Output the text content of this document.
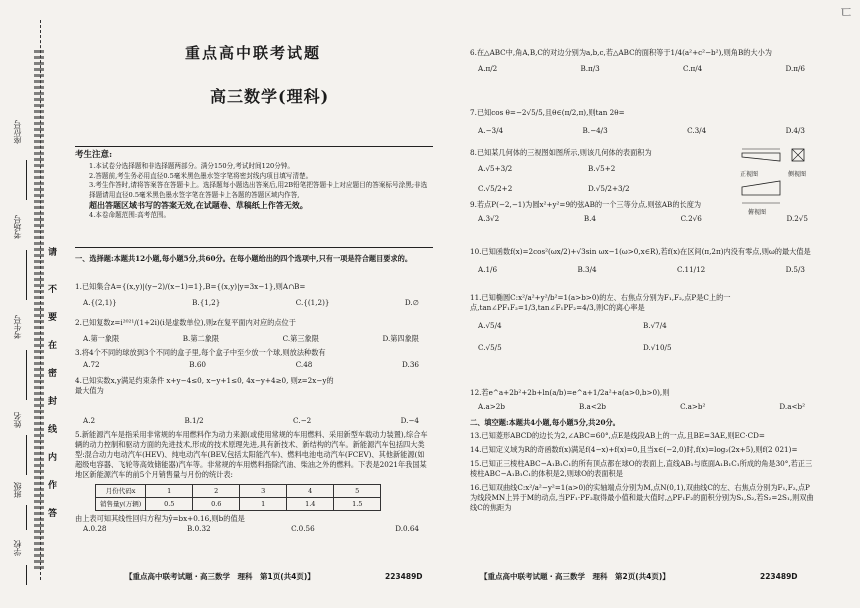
ㄷ
座位号
考场号
考生号
姓名
班级
学校
请
不
要
在
密
封
线
内
作
答
重点高中联考试题
高三数学(理科)
考生注意:
1.本试卷分选择题和非选择题两部分。满分150分,考试时间120分钟。
2.答题前,考生务必用直径0.5毫米黑色墨水签字笔将密封线内项目填写清楚。
3.考生作答时,请将答案答在答题卡上。选择题每小题选出答案后,用2B铅笔把答题卡上对应题目的答案标号涂黑;非选择题请用直径0.5毫米黑色墨水签字笔在答题卡上各题的答题区域内作答,
超出答题区域书写的答案无效,在试题卷、草稿纸上作答无效。
4.本卷命题范围:高考范围。
一、选择题:本题共12小题,每小题5分,共60分。在每小题给出的四个选项中,只有一项是符合题目要求的。
1.已知集合A={(x,y)|(y−2)/(x−1)=1},B={(x,y)|y=3x−1},则A∩B=
A.{(2,1)}	B.{1,2}	C.{(1,2)}	D.∅
2.已知复数z=i²⁰²¹/(1+2i)(i是虚数单位),则z在复平面内对应的点位于
A.第一象限	B.第二象限	C.第三象限	D.第四象限
3.将4个不同的球放到3个不同的盒子里,每个盒子中至少放一个球,则放法种数有
A.72	B.60	C.48	D.36
4.已知实数x,y满足约束条件 x+y−4≤0, x−y+1≤0, 4x−y+4≥0, 则z=2x−y的最大值为
A.2	B.1/2	C.−2	D.−4
5.新能源汽车是指采用非常规的车用燃料作为动力来源(或使用常规的车用燃料、采用新型车载动力装置),综合车辆的动力控制和驱动方面的先进技术,形成的技术原理先进,具有新技术、新结构的汽车。新能源汽车包括四大类型:混合动力电动汽车(HEV)、纯电动汽车(BEV,包括太阳能汽车)、燃料电池电动汽车(FCEV)、其他新能源(如超级电容器、飞轮等高效储能器)汽车等。非常规的车用燃料指除汽油、柴油之外的燃料。下表是2021年我国某地区新能源汽车的前5个月销售量与月份的统计表:
月份代码x	1	2	3	4	5
销售量y(万辆)	0.5	0.6	1	1.4	1.5
由上表可知其线性回归方程为ŷ=bx+0.16,则b的值是
A.0.28	B.0.32	C.0.56	D.0.64
【重点高中联考试题・高三数学　理科　第1页(共4页)】	223489D
6.在△ABC中,角A,B,C的对边分别为a,b,c,若△ABC的面积等于1/4(a²+c²−b²),则角B的大小为
A.π/2	B.π/3	C.π/4	D.π/6
7.已知cos θ=−2√5/5,且θ∈(π/2,π),则tan 2θ=
A.−3/4	B.−4/3	C.3/4	D.4/3
8.已知某几何体的三视图如图所示,则该几何体的表面积为
A.√5+3/2	B.√5+2
C.√5/2+2	D.√5/2+3/2
正视图	侧视图
俯视图
9.若点P(−2,−1)为圆x²+y²=9的弦AB的一个三等分点,则弦AB的长度为
A.3√2	B.4	C.2√6	D.2√5
10.已知函数f(x)=2cos²(ωx/2)+√3sin ωx−1(ω>0,x∈R),若f(x)在区间(π,2π)内没有零点,则ω的最大值是
A.1/6	B.3/4	C.11/12	D.5/3
11.已知椭圆C:x²/a²+y²/b²=1(a>b>0)的左、右焦点分别为F₁,F₂,点P是C上的一点,tan∠PF₁F₂=1/3,tan∠F₁PF₂=4/3,则C的离心率是
A.√5/4	B.√7/4
C.√5/5	D.√10/5
12.若e^a+2b²+2b+ln(a/b)=e^a+1/2a²+a(a>0,b>0),则
A.a>2b	B.a<2b	C.a>b²	D.a<b²
二、填空题:本题共4小题,每小题5分,共20分。
13.已知菱形ABCD的边长为2,∠ABC=60°,点E是线段AB上的一点,且BE=3AE,则EC·CD=
14.已知定义域为R的奇函数f(x)满足f(4−x)+f(x)=0,且当x∈(−2,0)时,f(x)=log₂(2x+5),则f(2 021)=
15.已知正三棱柱ABC−A₁B₁C₁的所有顶点都在球O的表面上,直线AB₁与底面A₁B₁C₁所成的角是30°,若正三棱柱ABC−A₁B₁C₁的体积是2,则球O的表面积是
16.已知双曲线C:x²/a²−y²=1(a>0)的实轴端点分别为M,点N(0,1),双曲线C的左、右焦点分别为F₁,F₂,点P为线段MN上异于M的动点,当PF₁·PF₂取得最小值和最大值时,△PF₁F₂的面积分别为S₁,S₂,若S₂=2S₁,则双曲线C的焦距为
【重点高中联考试题・高三数学　理科　第2页(共4页)】	223489D
